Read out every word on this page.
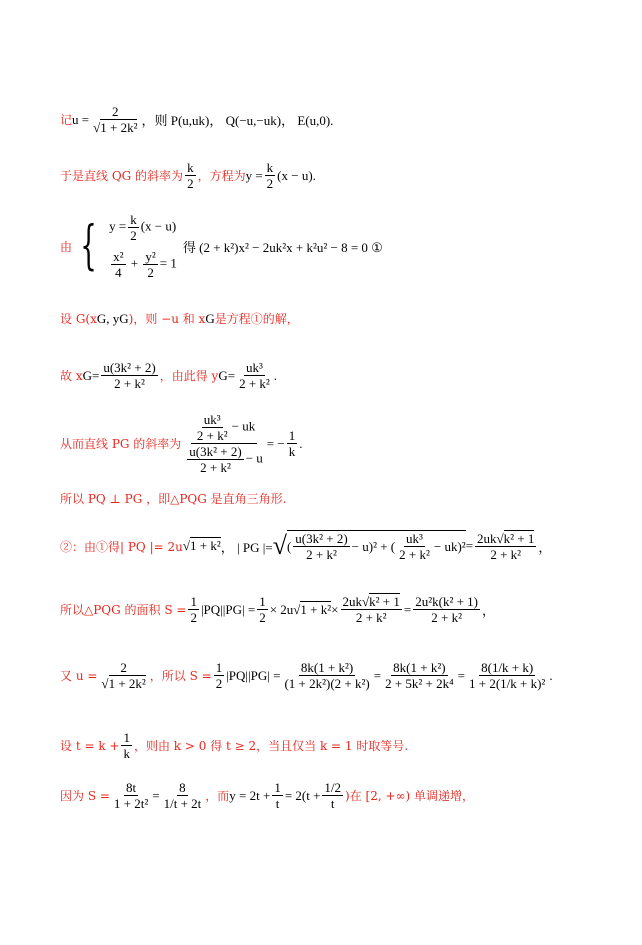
记 $u = \frac{2}{\text{√1 + 2k²}}$ ，则 P(u,uk)， Q(−u,−uk)， E(u,0).
于是直线 QG 的斜率为 $\frac{k}{2}$ ，方程为 $y = \frac{k}{2} (x - u)$.
由 { $y = \frac{k}{2} (x - u)$
$\frac{\text{x²}}{4} + \frac{\text{y²}}{2} = 1$
得 (2 + k²)x² − 2uk²x + k²u² − 8 = 0 ①
设 G(x G , y G )，则 −u 和 x G 是方程①的解，
故 x $G = \frac{\text{u(3k² + 2)}}{\text{2 + k²}}$ ，由此得 y $G = \frac{\text{uk³}}{\text{2 + k²}}$ .
从而直线 PG 的斜率为 $\frac{\frac{\text{uk³}}{\text{2 + k²}} - uk}{\frac{\text{u(3k² + 2)}}{\text{2 + k²}} - u}$ = − $\frac{1}{k}$ .
所以 PQ ⊥ PG ，即△PQG 是直角三角形.
②：由①得| PQ |= 2u √1 + k² ， | PG |= √ ( $\frac{\text{u(3k² + 2)}}{\text{2 + k²}} - u)^2$ + ( $\frac{\text{uk³}}{\text{2 + k²}} - uk)^2 = \frac{\text{2uk√k² + 1}}{\text{2 + k²}}$ ，
所以△PQG 的面积 $S = \frac{1}{2} |PQ||PG| = \frac{1}{2} \times 2u$ $√1 + k^2 \times \frac{\text{2uk√k² + 1}}{\text{2 + k²}} = \frac{\text{2u²k(k² + 1)}}{\text{2 + k²}}$ ，
又 $u = \frac{2}{\text{√1 + 2k²}}$ ，所以 $S = \frac{1}{2} |PQ||PG| = \frac{\text{8k(1 + k²)}}{\text{(1 + 2k²)(2 + k²)}} = \frac{\text{8k(1 + k²)}}{\text{2 + 5k² + 2k⁴}} = \frac{8(1/k + k)}{\text{1 + 2(1/k + k)²}}$ .
设 $t = k + \frac{1}{k}$ ，则由 k > 0 得 t ≥ 2，当且仅当 k = 1 时取等号.
因为 $S = \frac{8t}{\text{1 + 2t²}} = \frac{8}{1/t + 2t}$ ，而 $y = 2t + \frac{1}{t} = 2(t + \frac{1/2}{t}$ )在 [2, +∞) 单调递增，
